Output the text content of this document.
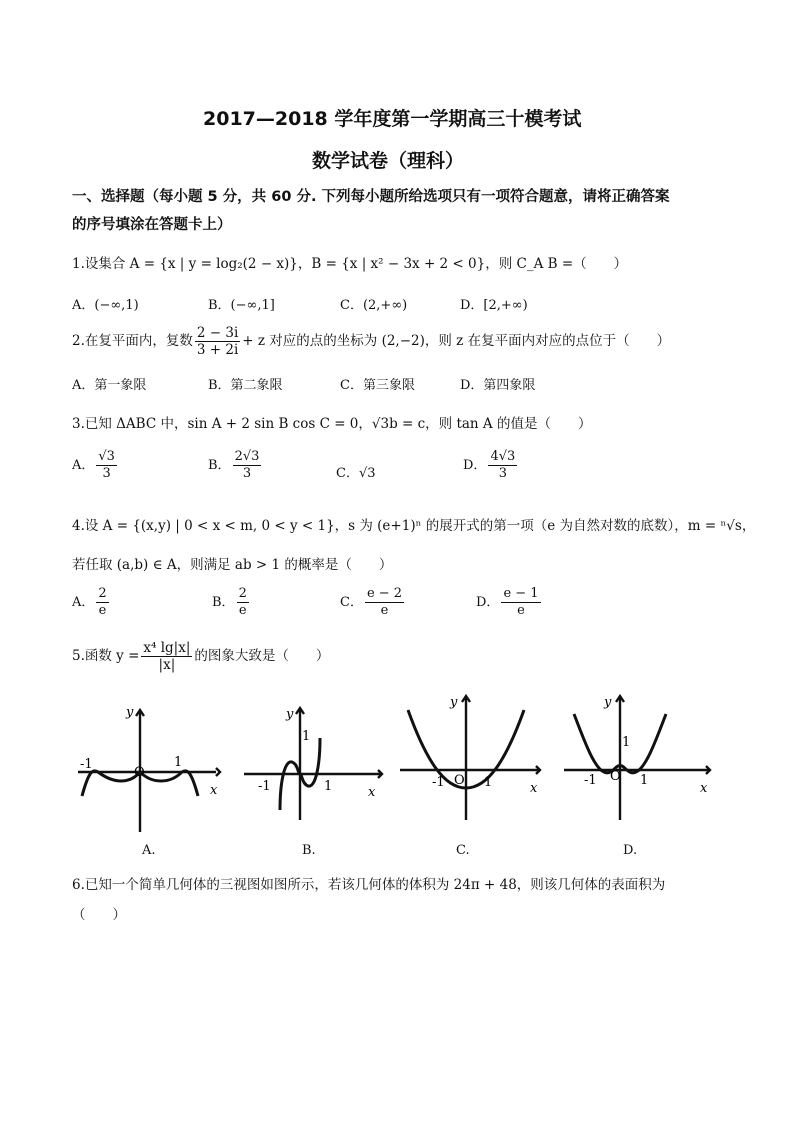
2017—2018 学年度第一学期高三十模考试
数学试卷（理科）
一、选择题（每小题 5 分，共 60 分. 下列每小题所给选项只有一项符合题意，请将正确答案
的序号填涂在答题卡上）
1.设集合 A = {x | y = log₂(2 − x)}，B = {x | x² − 3x + 2 < 0}，则 C_A B =（　　）
A．(−∞,1)	B．(−∞,1]	C．(2,+∞)	D．[2,+∞)
2.在复平面内，复数 $\frac{2 - 3i}{3 + 2i} + z$ 对应的点的坐标为 (2,−2)，则 z 在复平面内对应的点位于（　　）
A．第一象限	B．第二象限	C．第三象限	D．第四象限
3.已知 ΔABC 中，sin A + 2 sin B cos C = 0，√3b = c，则 tan A 的值是（　　）
A． $\frac{√3}{3}$	B． $\frac{2√3}{3}$	C．√3
D． $\frac{4√3}{3}$
4.设 A = {(x,y) | 0 < x < m, 0 < y < 1}，s 为 (e+1)ⁿ 的展开式的第一项（e 为自然对数的底数），m = ⁿ√s，
若任取 (a,b) ∈ A，则满足 ab > 1 的概率是（　　）
A． $\frac{2}{e}$	B． $\frac{2}{e}$	C． $\frac{e - 2}{e}$	D． $\frac{e - 1}{e}$
5.函数 $y = \frac{\text{x⁴ lg|x|}}{|x|}$ 的图象大致是（　　）
-1	1
O
x
y
A.
-1	1
1
x
y
B.
-1	1
O
x
y
C.
-1	1
1
O
x
y
D.
6.已知一个简单几何体的三视图如图所示，若该几何体的体积为 24π + 48，则该几何体的表面积为
（　　）
